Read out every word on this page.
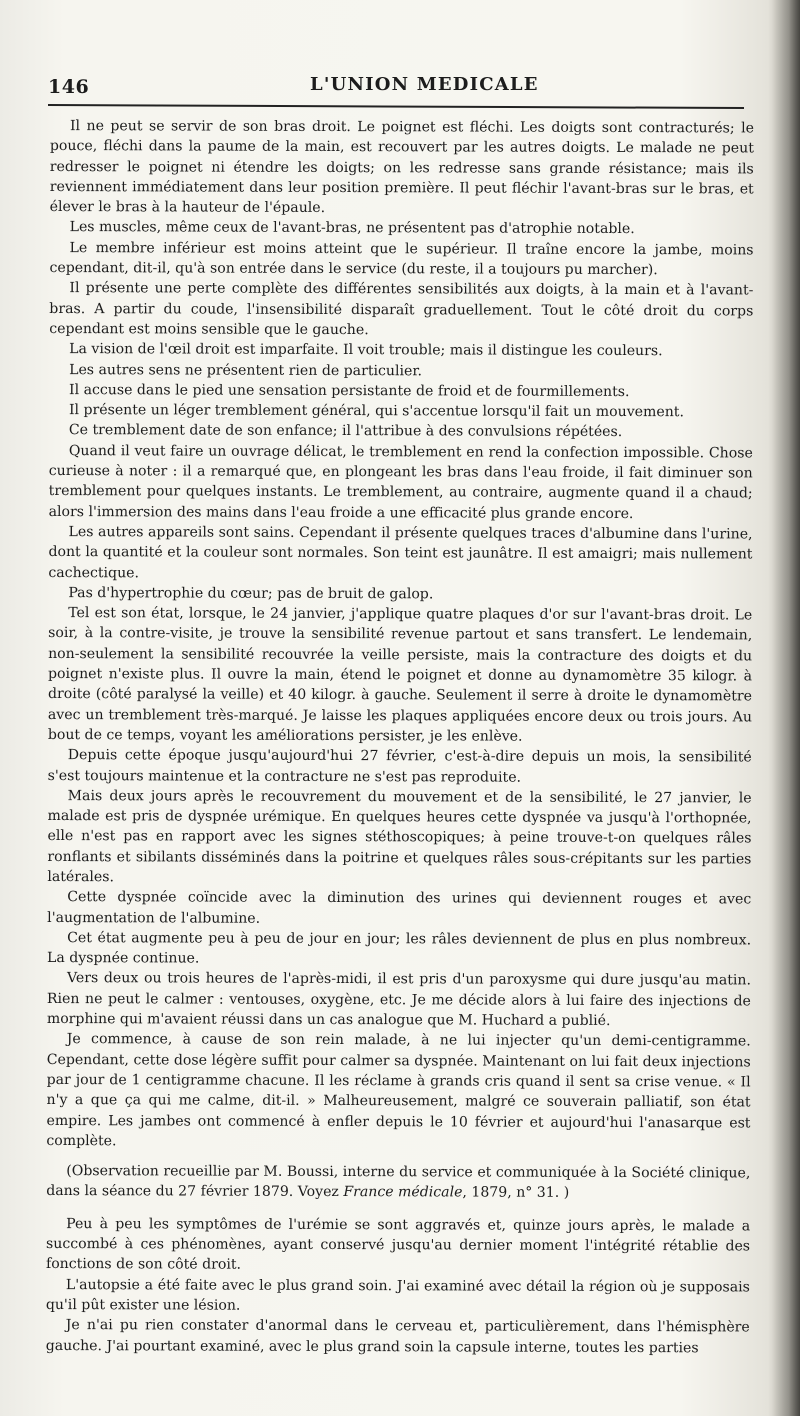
146	L'UNION MEDICALE

Il ne peut se servir de son bras droit. Le poignet est fléchi. Les doigts sont contracturés; le pouce, fléchi dans la paume de la main, est recouvert par les autres doigts. Le malade ne peut redresser le poignet ni étendre les doigts; on les redresse sans grande résistance; mais ils reviennent immédiatement dans leur position première. Il peut fléchir l'avant-bras sur le bras, et élever le bras à la hauteur de l'épaule.

Les muscles, même ceux de l'avant-bras, ne présentent pas d'atrophie notable.

Le membre inférieur est moins atteint que le supérieur. Il traîne encore la jambe, moins cependant, dit-il, qu'à son entrée dans le service (du reste, il a toujours pu marcher).

Il présente une perte complète des différentes sensibilités aux doigts, à la main et à l'avant-bras. A partir du coude, l'insensibilité disparaît graduellement. Tout le côté droit du corps cependant est moins sensible que le gauche.

La vision de l'œil droit est imparfaite. Il voit trouble; mais il distingue les couleurs.

Les autres sens ne présentent rien de particulier.

Il accuse dans le pied une sensation persistante de froid et de fourmillements.

Il présente un léger tremblement général, qui s'accentue lorsqu'il fait un mouvement.

Ce tremblement date de son enfance; il l'attribue à des convulsions répétées.

Quand il veut faire un ouvrage délicat, le tremblement en rend la confection impossible. Chose curieuse à noter : il a remarqué que, en plongeant les bras dans l'eau froide, il fait diminuer son tremblement pour quelques instants. Le tremblement, au contraire, augmente quand il a chaud; alors l'immersion des mains dans l'eau froide a une efficacité plus grande encore.

Les autres appareils sont sains. Cependant il présente quelques traces d'albumine dans l'urine, dont la quantité et la couleur sont normales. Son teint est jaunâtre. Il est amaigri; mais nullement cachectique.

Pas d'hypertrophie du cœur; pas de bruit de galop.

Tel est son état, lorsque, le 24 janvier, j'applique quatre plaques d'or sur l'avant-bras droit. Le soir, à la contre-visite, je trouve la sensibilité revenue partout et sans transfert. Le lendemain, non-seulement la sensibilité recouvrée la veille persiste, mais la contracture des doigts et du poignet n'existe plus. Il ouvre la main, étend le poignet et donne au dynamomètre 35 kilogr. à droite (côté paralysé la veille) et 40 kilogr. à gauche. Seulement il serre à droite le dynamomètre avec un tremblement très-marqué. Je laisse les plaques appliquées encore deux ou trois jours. Au bout de ce temps, voyant les améliorations persister, je les enlève.

Depuis cette époque jusqu'aujourd'hui 27 février, c'est-à-dire depuis un mois, la sensibilité s'est toujours maintenue et la contracture ne s'est pas reproduite.

Mais deux jours après le recouvrement du mouvement et de la sensibilité, le 27 janvier, le malade est pris de dyspnée urémique. En quelques heures cette dyspnée va jusqu'à l'orthopnée, elle n'est pas en rapport avec les signes stéthoscopiques; à peine trouve-t-on quelques râles ronflants et sibilants disséminés dans la poitrine et quelques râles sous-crépitants sur les parties latérales.

Cette dyspnée coïncide avec la diminution des urines qui deviennent rouges et avec l'augmentation de l'albumine.

Cet état augmente peu à peu de jour en jour; les râles deviennent de plus en plus nombreux. La dyspnée continue.

Vers deux ou trois heures de l'après-midi, il est pris d'un paroxysme qui dure jusqu'au matin. Rien ne peut le calmer : ventouses, oxygène, etc. Je me décide alors à lui faire des injections de morphine qui m'avaient réussi dans un cas analogue que M. Huchard a publié.

Je commence, à cause de son rein malade, à ne lui injecter qu'un demi-centigramme. Cependant, cette dose légère suffit pour calmer sa dyspnée. Maintenant on lui fait deux injections par jour de 1 centigramme chacune. Il les réclame à grands cris quand il sent sa crise venue. « Il n'y a que ça qui me calme, dit-il. » Malheureusement, malgré ce souverain palliatif, son état empire. Les jambes ont commencé à enfler depuis le 10 février et aujourd'hui l'anasarque est complète.

(Observation recueillie par M. Boussi, interne du service et communiquée à la Société clinique, dans la séance du 27 février 1879. Voyez France médicale, 1879, n° 31. )

Peu à peu les symptômes de l'urémie se sont aggravés et, quinze jours après, le malade a succombé à ces phénomènes, ayant conservé jusqu'au dernier moment l'intégrité rétablie des fonctions de son côté droit.

L'autopsie a été faite avec le plus grand soin. J'ai examiné avec détail la région où je supposais qu'il pût exister une lésion.

Je n'ai pu rien constater d'anormal dans le cerveau et, particulièrement, dans l'hémisphère gauche. J'ai pourtant examiné, avec le plus grand soin la capsule interne, toutes les parties
